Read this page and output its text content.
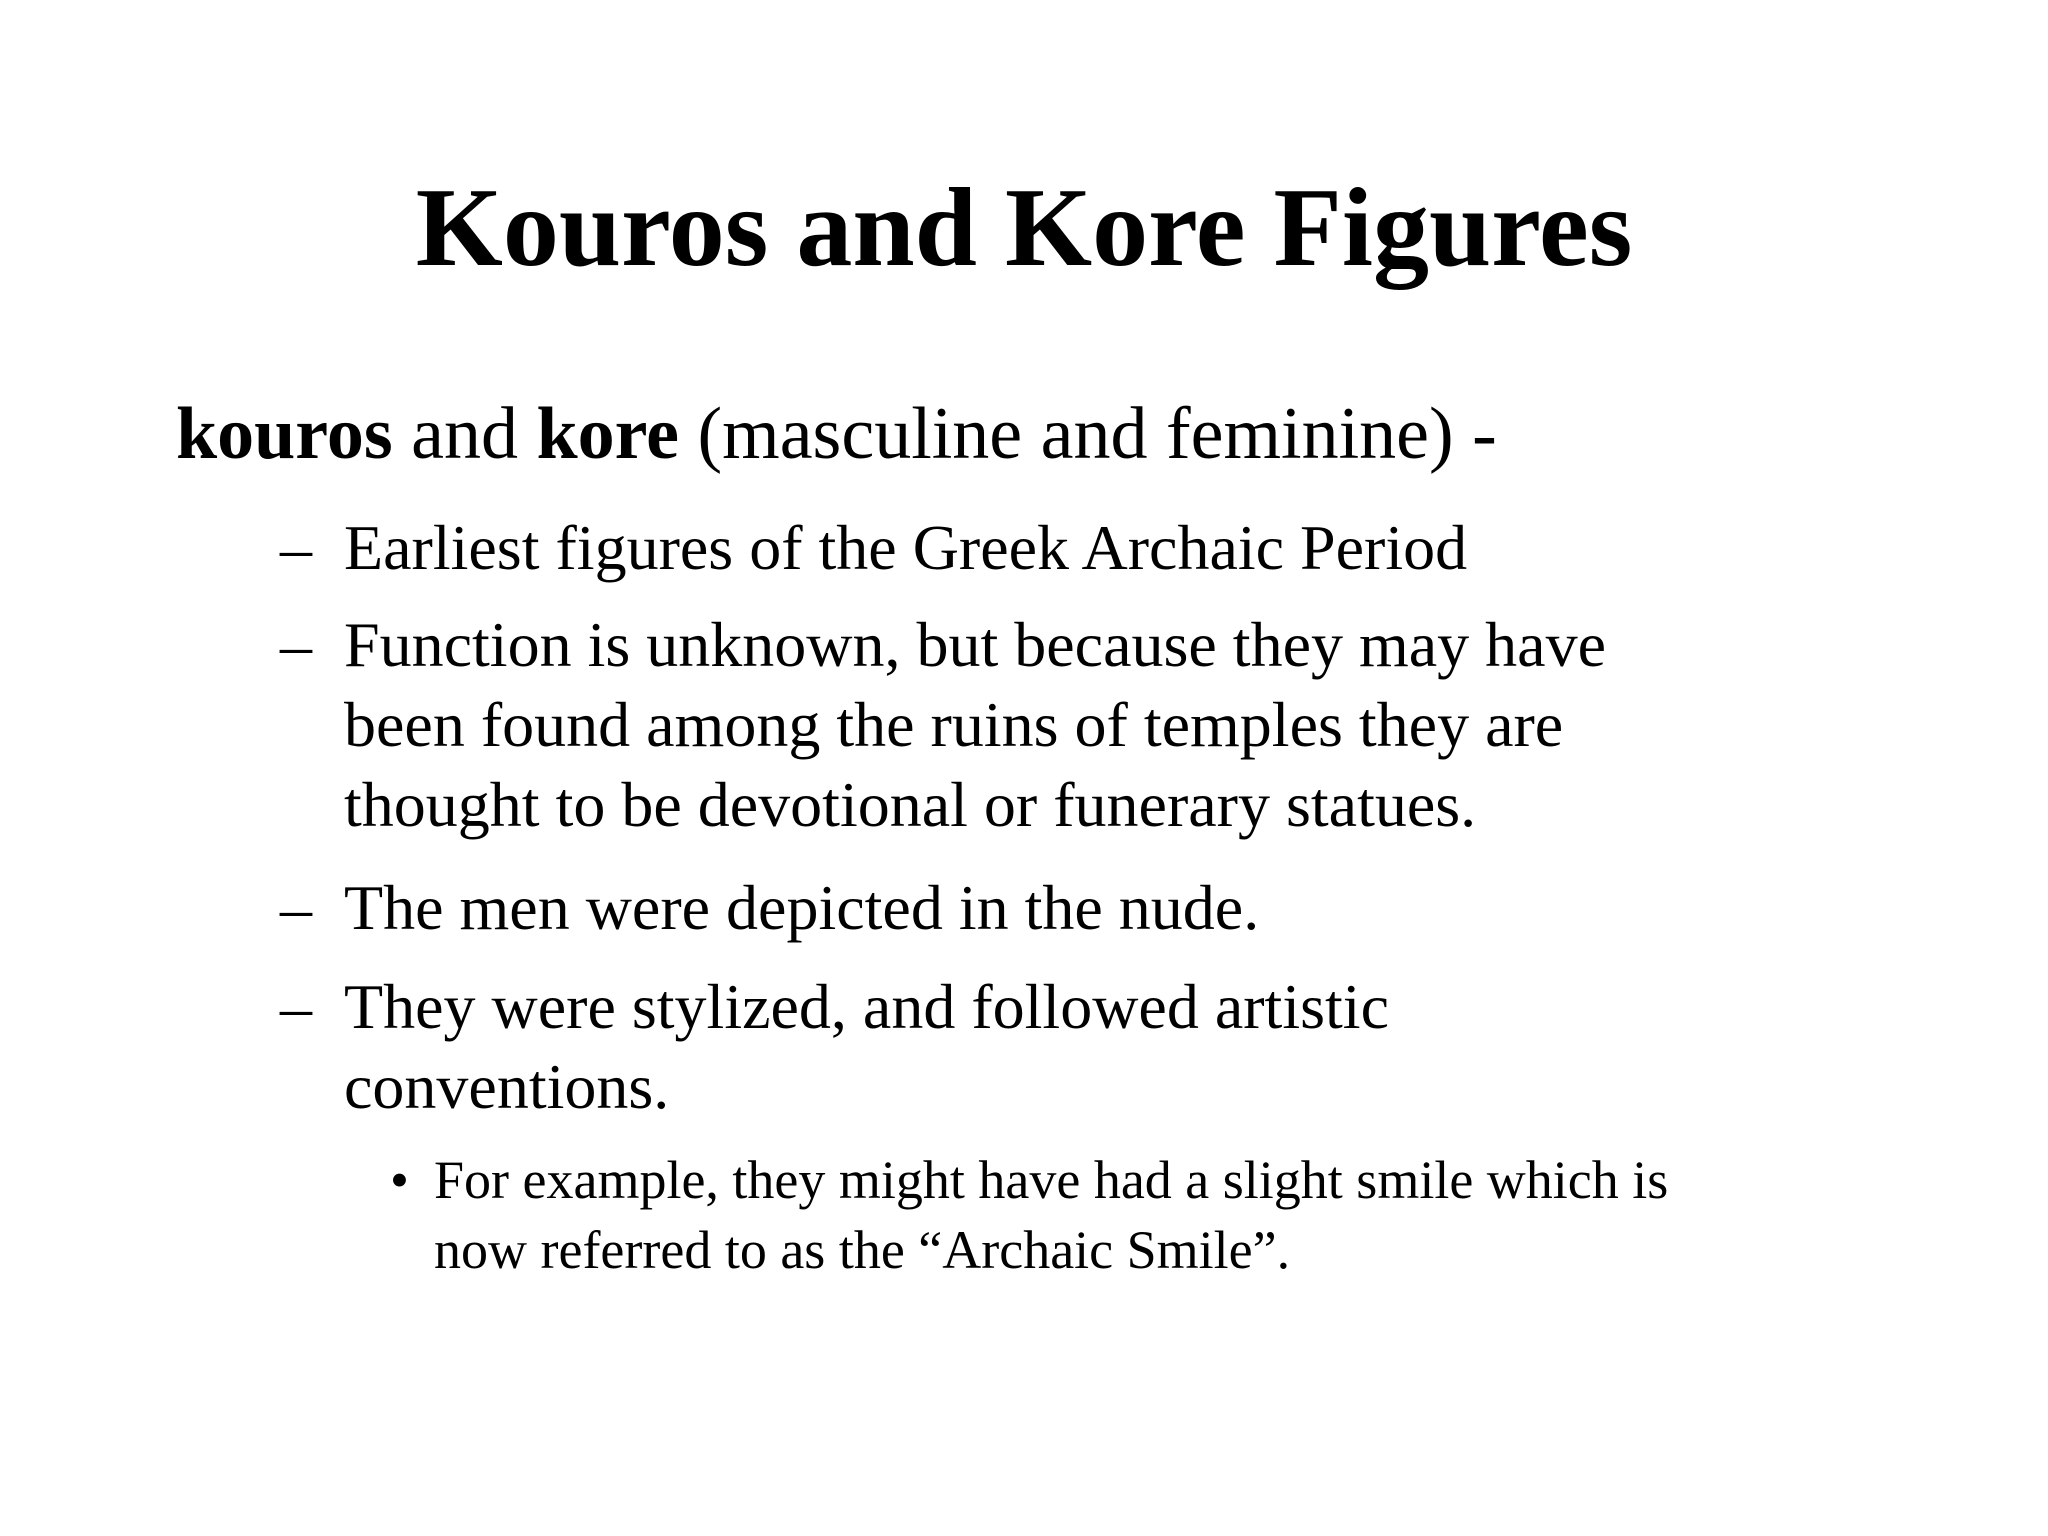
Kouros and Kore Figures
kouros and kore (masculine and feminine) -
– Earliest figures of the Greek Archaic Period
– Function is unknown, but because they may have
been found among the ruins of temples they are
thought to be devotional or funerary statues.
– The men were depicted in the nude.
– They were stylized, and followed artistic
conventions.
• For example, they might have had a slight smile which is
now referred to as the “Archaic Smile”.
